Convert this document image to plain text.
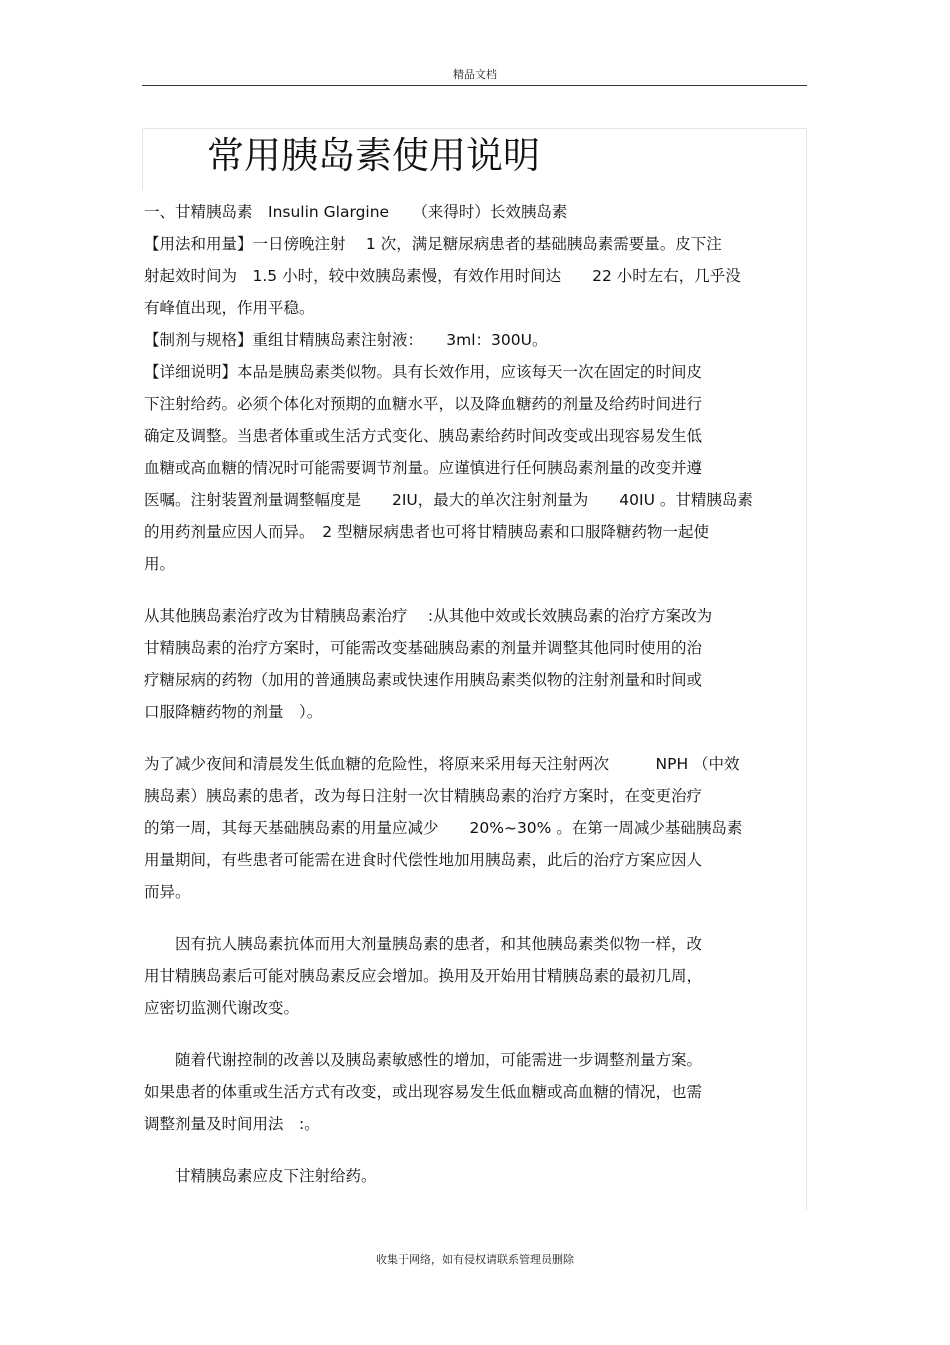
精品文档
常用胰岛素使用说明
一、甘精胰岛素　Insulin Glargine　　（来得时）长效胰岛素
【用法和用量】一日傍晚注射　 1 次，满足糖尿病患者的基础胰岛素需要量。皮下注
射起效时间为　1.5 小时，较中效胰岛素慢，有效作用时间达　　22 小时左右，几乎没
有峰值出现，作用平稳。
【制剂与规格】重组甘精胰岛素注射液：　　3ml：300U。
【详细说明】本品是胰岛素类似物。具有长效作用，应该每天一次在固定的时间皮
下注射给药。必须个体化对预期的血糖水平，以及降血糖药的剂量及给药时间进行
确定及调整。当患者体重或生活方式变化、胰岛素给药时间改变或出现容易发生低
血糖或高血糖的情况时可能需要调节剂量。应谨慎进行任何胰岛素剂量的改变并遵
医嘱。注射装置剂量调整幅度是　　2IU，最大的单次注射剂量为　　40IU 。甘精胰岛素
的用药剂量应因人而异。　2 型糖尿病患者也可将甘精胰岛素和口服降糖药物一起使
用。
从其他胰岛素治疗改为甘精胰岛素治疗　 :从其他中效或长效胰岛素的治疗方案改为
甘精胰岛素的治疗方案时，可能需改变基础胰岛素的剂量并调整其他同时使用的治
疗糖尿病的药物（加用的普通胰岛素或快速作用胰岛素类似物的注射剂量和时间或
口服降糖药物的剂量　）。
为了减少夜间和清晨发生低血糖的危险性，将原来采用每天注射两次　　　NPH （中效
胰岛素）胰岛素的患者，改为每日注射一次甘精胰岛素的治疗方案时，在变更治疗
的第一周，其每天基础胰岛素的用量应减少　　20%~30% 。在第一周减少基础胰岛素
用量期间，有些患者可能需在进食时代偿性地加用胰岛素，此后的治疗方案应因人
而异。
　　因有抗人胰岛素抗体而用大剂量胰岛素的患者，和其他胰岛素类似物一样，改
用甘精胰岛素后可能对胰岛素反应会增加。换用及开始用甘精胰岛素的最初几周，
应密切监测代谢改变。
　　随着代谢控制的改善以及胰岛素敏感性的增加，可能需进一步调整剂量方案。
如果患者的体重或生活方式有改变，或出现容易发生低血糖或高血糖的情况，也需
调整剂量及时间用法　:。
　　甘精胰岛素应皮下注射给药。
收集于网络，如有侵权请联系管理员删除
